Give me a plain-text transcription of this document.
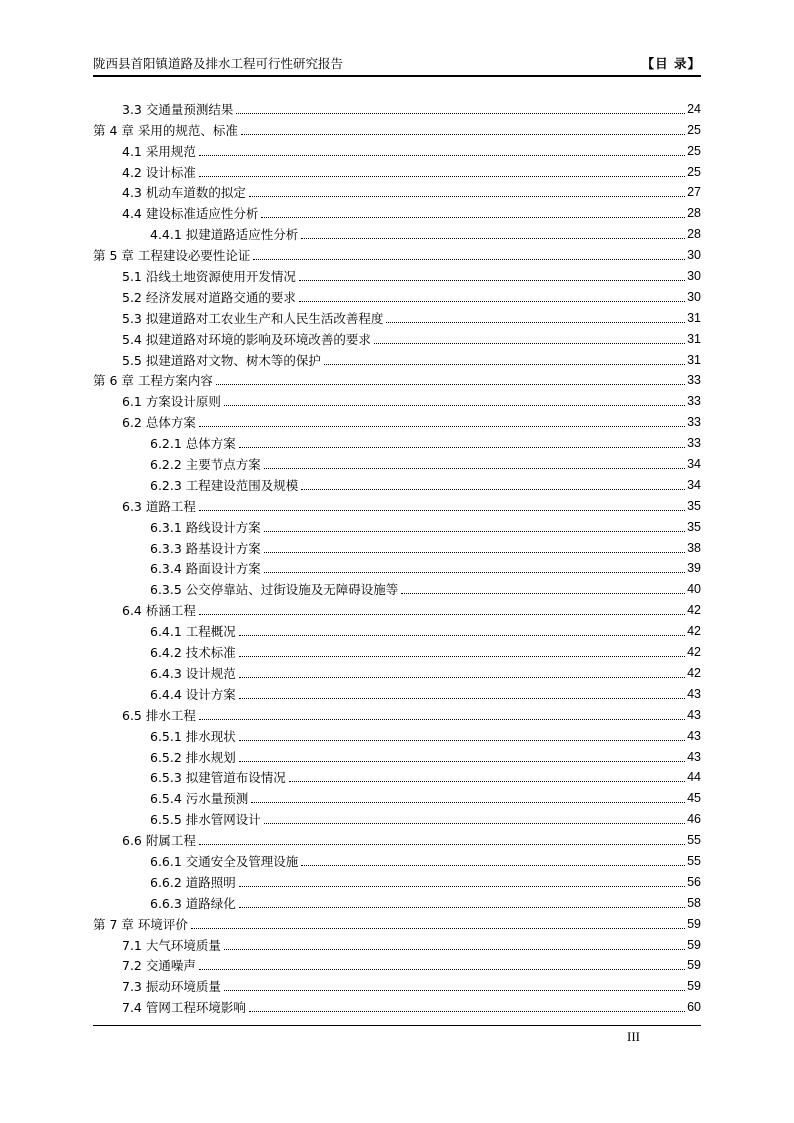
陇西县首阳镇道路及排水工程可行性研究报告	【目 录】
3.3 交通量预测结果	24
第 4 章 采用的规范、标准	25
4.1 采用规范	25
4.2 设计标准	25
4.3 机动车道数的拟定	27
4.4 建设标准适应性分析	28
4.4.1 拟建道路适应性分析	28
第 5 章 工程建设必要性论证	30
5.1 沿线土地资源使用开发情况	30
5.2 经济发展对道路交通的要求	30
5.3 拟建道路对工农业生产和人民生活改善程度	31
5.4 拟建道路对环境的影响及环境改善的要求	31
5.5 拟建道路对文物、树木等的保护	31
第 6 章 工程方案内容	33
6.1 方案设计原则	33
6.2 总体方案	33
6.2.1 总体方案	33
6.2.2 主要节点方案	34
6.2.3 工程建设范围及规模	34
6.3 道路工程	35
6.3.1 路线设计方案	35
6.3.3 路基设计方案	38
6.3.4 路面设计方案	39
6.3.5 公交停靠站、过街设施及无障碍设施等	40
6.4 桥涵工程	42
6.4.1 工程概况	42
6.4.2 技术标准	42
6.4.3 设计规范	42
6.4.4 设计方案	43
6.5 排水工程	43
6.5.1 排水现状	43
6.5.2 排水规划	43
6.5.3 拟建管道布设情况	44
6.5.4 污水量预测	45
6.5.5 排水管网设计	46
6.6 附属工程	55
6.6.1 交通安全及管理设施	55
6.6.2 道路照明	56
6.6.3 道路绿化	58
第 7 章 环境评价	59
7.1 大气环境质量	59
7.2 交通噪声	59
7.3 振动环境质量	59
7.4 管网工程环境影响	60
III
